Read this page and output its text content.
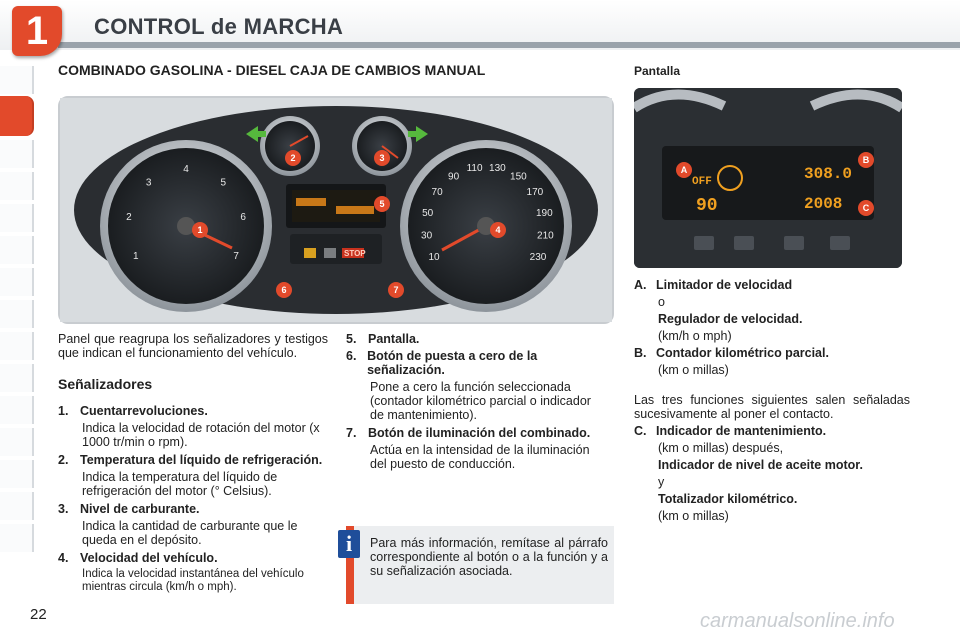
1	CONTROL de MARCHA
COMBINADO GASOLINA - DIESEL CAJA DE CAMBIOS MANUAL	Pantalla
STOP
1
2	3
4
5
6	7
1
2
3
4
5
6
7	10
30
50
70
90
110 130
150
170
190
210
230
OFF
90
308.0
2008
A
B
C
Panel que reagrupa los señalizadores y testigos que indican el funcionamiento del vehículo.
Señalizadores
1. Cuentarrevoluciones.
Indica la velocidad de rotación del motor (x 1000 tr/min o rpm).
2. Temperatura del líquido de refrigeración.
Indica la temperatura del líquido de refrigeración del motor (° Celsius).
3. Nivel de carburante.
Indica la cantidad de carburante que le queda en el depósito.
4. Velocidad del vehículo.
Indica la velocidad instantánea del vehículo mientras circula (km/h o mph).
5. Pantalla.
6. Botón de puesta a cero de la señalización.
Pone a cero la función seleccionada (contador kilométrico parcial o indicador de mantenimiento).
7. Botón de iluminación del combinado.
Actúa en la intensidad de la iluminación del puesto de conducción.
i	Para más información, remítase al párrafo correspondiente al botón o a la función y a su señalización asociada.
A. Limitador de velocidad
o
Regulador de velocidad.
(km/h o mph)
B. Contador kilométrico parcial.
(km o millas)
Las tres funciones siguientes salen señaladas sucesivamente al poner el contacto.
C. Indicador de mantenimiento.
(km o millas) después,
Indicador de nivel de aceite motor.
y
Totalizador kilométrico.
(km o millas)
22	carmanualsonline.info
